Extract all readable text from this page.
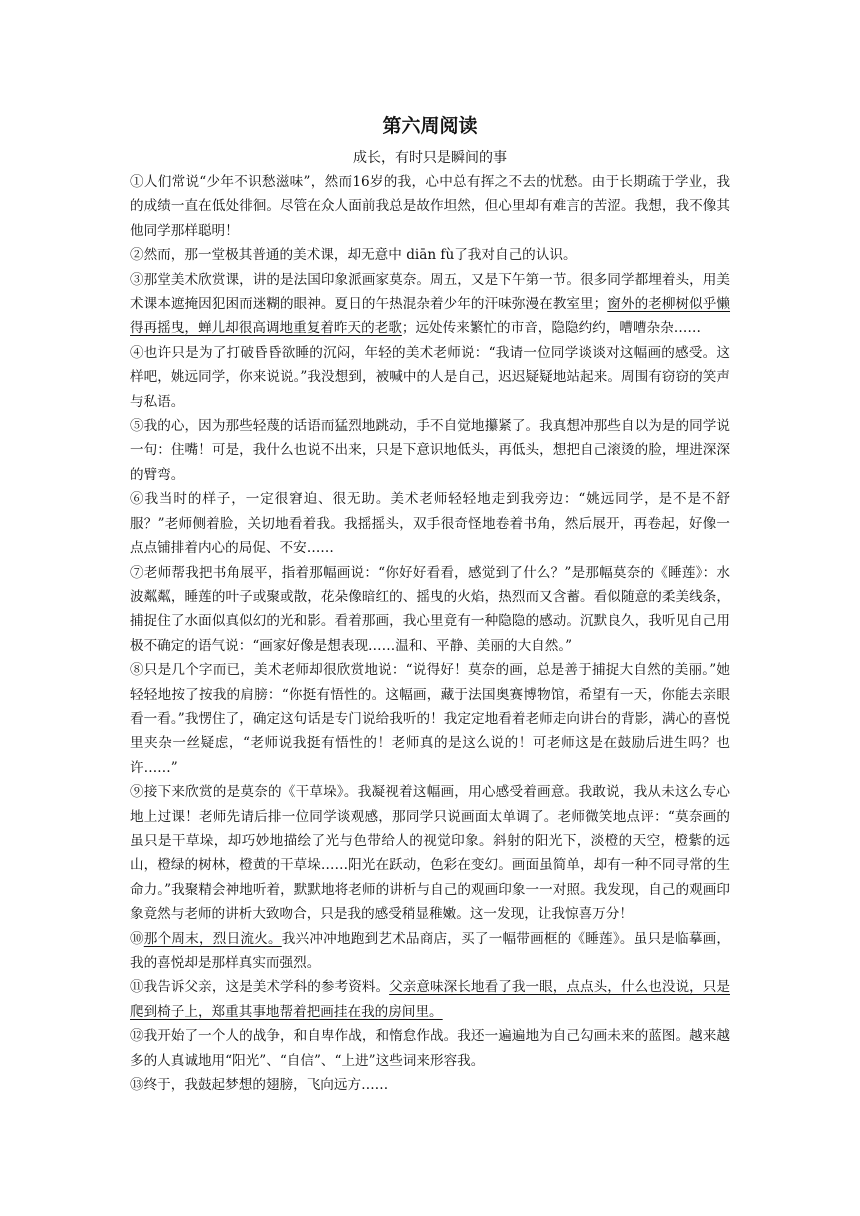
第六周阅读

成长，有时只是瞬间的事

①人们常说“少年不识愁滋味”，然而16岁的我，心中总有挥之不去的忧愁。由于长期疏于学业，我的成绩一直在低处徘徊。尽管在众人面前我总是故作坦然，但心里却有难言的苦涩。我想，我不像其他同学那样聪明！

②然而，那一堂极其普通的美术课，却无意中 diān fù了我对自己的认识。

③那堂美术欣赏课，讲的是法国印象派画家莫奈。周五，又是下午第一节。很多同学都埋着头，用美术课本遮掩因犯困而迷糊的眼神。夏日的午热混杂着少年的汗味弥漫在教室里；窗外的老柳树似乎懒得再摇曳，蝉儿却很高调地重复着昨天的老歌；远处传来繁忙的市音，隐隐约约，嘈嘈杂杂……

④也许只是为了打破昏昏欲睡的沉闷，年轻的美术老师说：“我请一位同学谈谈对这幅画的感受。这样吧，姚远同学，你来说说。”我没想到，被喊中的人是自己，迟迟疑疑地站起来。周围有窃窃的笑声与私语。

⑤我的心，因为那些轻蔑的话语而猛烈地跳动，手不自觉地攥紧了。我真想冲那些自以为是的同学说一句：住嘴！可是，我什么也说不出来，只是下意识地低头，再低头，想把自己滚烫的脸，埋进深深的臂弯。

⑥我当时的样子，一定很窘迫、很无助。美术老师轻轻地走到我旁边：“姚远同学，是不是不舒服？”老师侧着脸，关切地看着我。我摇摇头，双手很奇怪地卷着书角，然后展开，再卷起，好像一点点铺排着内心的局促、不安……

⑦老师帮我把书角展平，指着那幅画说：“你好好看看，感觉到了什么？”是那幅莫奈的《睡莲》：水波粼粼，睡莲的叶子或聚或散，花朵像暗红的、摇曳的火焰，热烈而又含蓄。看似随意的柔美线条，捕捉住了水面似真似幻的光和影。看着那画，我心里竟有一种隐隐的感动。沉默良久，我听见自己用极不确定的语气说：“画家好像是想表现……温和、平静、美丽的大自然。”

⑧只是几个字而已，美术老师却很欣赏地说：“说得好！莫奈的画，总是善于捕捉大自然的美丽。”她轻轻地按了按我的肩膀：“你挺有悟性的。这幅画，藏于法国奥赛博物馆，希望有一天，你能去亲眼看一看。”我愣住了，确定这句话是专门说给我听的！我定定地看着老师走向讲台的背影，满心的喜悦里夹杂一丝疑虑，“老师说我挺有悟性的！老师真的是这么说的！可老师这是在鼓励后进生吗？也许……”

⑨接下来欣赏的是莫奈的《干草垛》。我凝视着这幅画，用心感受着画意。我敢说，我从未这么专心地上过课！老师先请后排一位同学谈观感，那同学只说画面太单调了。老师微笑地点评：“莫奈画的虽只是干草垛，却巧妙地描绘了光与色带给人的视觉印象。斜射的阳光下，淡橙的天空，橙紫的远山，橙绿的树林，橙黄的干草垛……阳光在跃动，色彩在变幻。画面虽简单，却有一种不同寻常的生命力。”我聚精会神地听着，默默地将老师的讲析与自己的观画印象一一对照。我发现，自己的观画印象竟然与老师的讲析大致吻合，只是我的感受稍显稚嫩。这一发现，让我惊喜万分！

⑩那个周末，烈日流火。我兴冲冲地跑到艺术品商店，买了一幅带画框的《睡莲》。虽只是临摹画，我的喜悦却是那样真实而强烈。

⑪我告诉父亲，这是美术学科的参考资料。父亲意味深长地看了我一眼，点点头，什么也没说，只是爬到椅子上，郑重其事地帮着把画挂在我的房间里。

⑫我开始了一个人的战争，和自卑作战，和惰怠作战。我还一遍遍地为自己勾画未来的蓝图。越来越多的人真诚地用“阳光”、“自信”、“上进”这些词来形容我。

⑬终于，我鼓起梦想的翅膀，飞向远方……
